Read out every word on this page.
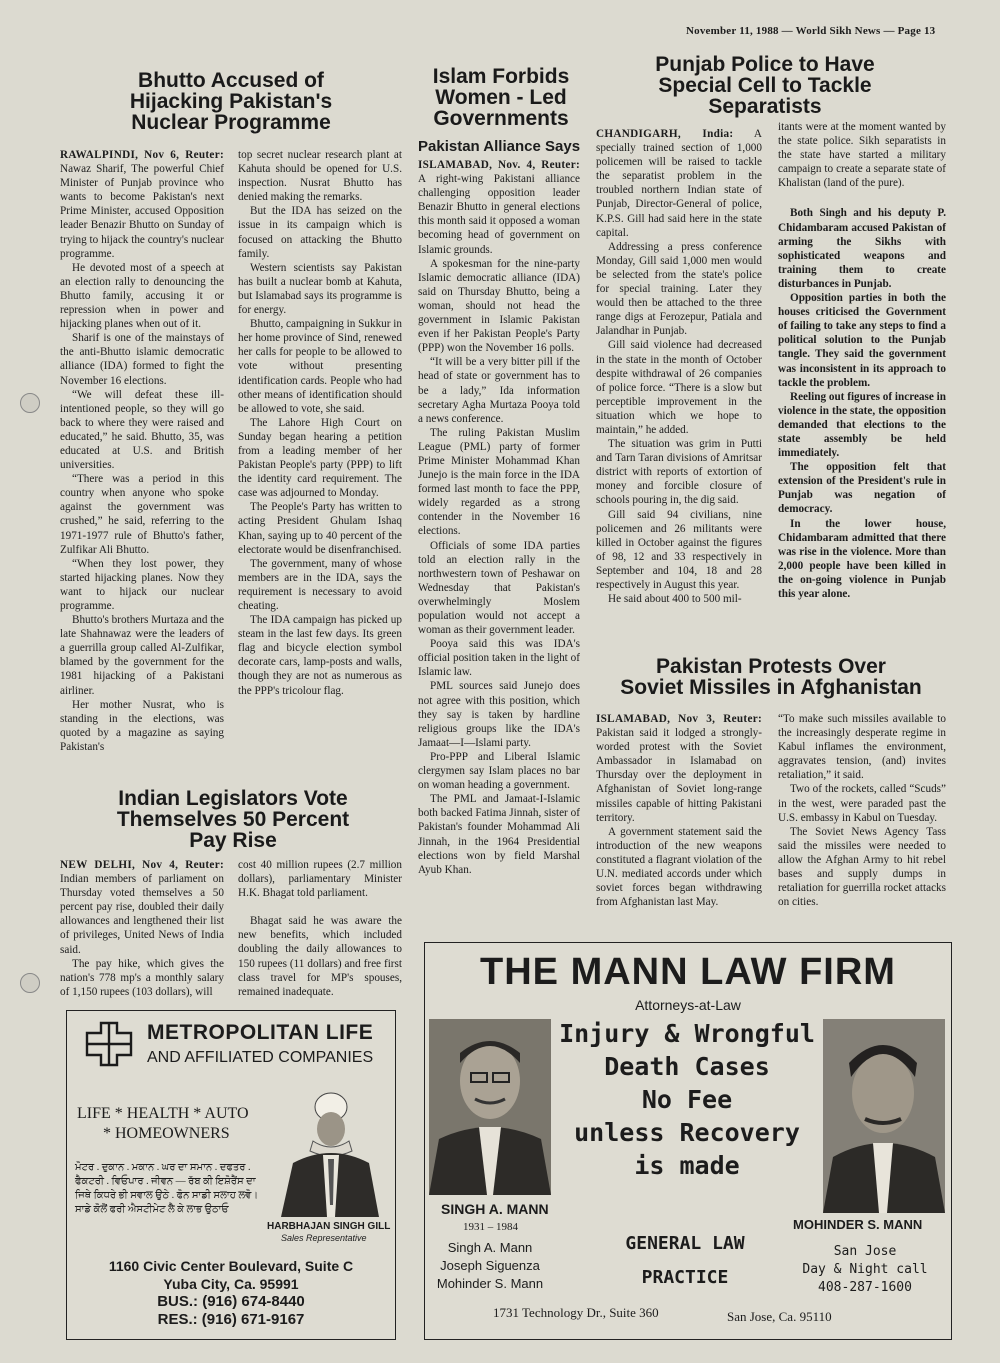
November 11, 1988 — World Sikh News — Page 13
Bhutto Accused of
Hijacking Pakistan's
Nuclear Programme

RAWALPINDI, Nov 6, Reuter: Nawaz Sharif, The powerful Chief Minister of Punjab province who wants to become Pakistan's next Prime Minister, accused Opposition leader Benazir Bhutto on Sunday of trying to hijack the country's nuclear programme.

He devoted most of a speech at an election rally to denouncing the Bhutto family, accusing it or repression when in power and hijacking planes when out of it.

Sharif is one of the mainstays of the anti-Bhutto islamic democratic alliance (IDA) formed to fight the November 16 elections.

“We will defeat these ill-intentioned people, so they will go back to where they were raised and educated,” he said. Bhutto, 35, was educated at U.S. and British universities.

“There was a period in this country when anyone who spoke against the government was crushed,” he said, referring to the 1971-1977 rule of Bhutto's father, Zulfikar Ali Bhutto.

“When they lost power, they started hijacking planes. Now they want to hijack our nuclear programme.

Bhutto's brothers Murtaza and the late Shahnawaz were the leaders of a guerrilla group called Al-Zulfikar, blamed by the government for the 1981 hijacking of a Pakistani airliner.

Her mother Nusrat, who is standing in the elections, was quoted by a magazine as saying Pakistan's

top secret nuclear research plant at Kahuta should be opened for U.S. inspection. Nusrat Bhutto has denied making the remarks.

But the IDA has seized on the issue in its campaign which is focused on attacking the Bhutto family.

Western scientists say Pakistan has built a nuclear bomb at Kahuta, but Islamabad says its programme is for energy.

Bhutto, campaigning in Sukkur in her home province of Sind, renewed her calls for people to be allowed to vote without presenting identification cards. People who had other means of identification should be allowed to vote, she said.

The Lahore High Court on Sunday began hearing a petition from a leading member of her Pakistan People's party (PPP) to lift the identity card requirement. The case was adjourned to Monday.

The People's Party has written to acting President Ghulam Ishaq Khan, saying up to 40 percent of the electorate would be disenfranchised.

The government, many of whose members are in the IDA, says the requirement is necessary to avoid cheating.

The IDA campaign has picked up steam in the last few days. Its green flag and bicycle election symbol decorate cars, lamp-posts and walls, though they are not as numerous as the PPP's tricolour flag.

Islam Forbids
Women - Led
Governments
Pakistan Alliance Says

ISLAMABAD, Nov. 4, Reuter: A right-wing Pakistani alliance challenging opposition leader Benazir Bhutto in general elections this month said it opposed a woman becoming head of government on Islamic grounds.

A spokesman for the nine-party Islamic democratic alliance (IDA) said on Thursday Bhutto, being a woman, should not head the government in Islamic Pakistan even if her Pakistan People's Party (PPP) won the November 16 polls.

“It will be a very bitter pill if the head of state or government has to be a lady,” Ida information secretary Agha Murtaza Pooya told a news conference.

The ruling Pakistan Muslim League (PML) party of former Prime Minister Mohammad Khan Junejo is the main force in the IDA formed last month to face the PPP, widely regarded as a strong contender in the November 16 elections.

Officials of some IDA parties told an election rally in the northwestern town of Peshawar on Wednesday that Pakistan's overwhelmingly Moslem population would not accept a woman as their government leader.

Pooya said this was IDA's official position taken in the light of Islamic law.

PML sources said Junejo does not agree with this position, which they say is taken by hardline religious groups like the IDA's Jamaat—I—Islami party.

Pro-PPP and Liberal Islamic clergymen say Islam places no bar on woman heading a government.

The PML and Jamaat-I-Islamic both backed Fatima Jinnah, sister of Pakistan's founder Mohammad Ali Jinnah, in the 1964 Presidential elections won by field Marshal Ayub Khan.

Punjab Police to Have
Special Cell to Tackle
Separatists

CHANDIGARH, India: A specially trained section of 1,000 policemen will be raised to tackle the separatist problem in the troubled northern Indian state of Punjab, Director-General of police, K.P.S. Gill had said here in the state capital.

Addressing a press conference Monday, Gill said 1,000 men would be selected from the state's police for special training. Later they would then be attached to the three range digs at Ferozepur, Patiala and Jalandhar in Punjab.

Gill said violence had decreased in the state in the month of October despite withdrawal of 26 companies of police force. “There is a slow but perceptible improvement in the situation which we hope to maintain,” he added.

The situation was grim in Putti and Tarn Taran divisions of Amritsar district with reports of extortion of money and forcible closure of schools pouring in, the dig said.

Gill said 94 civilians, nine policemen and 26 militants were killed in October against the figures of 98, 12 and 33 respectively in September and 104, 18 and 28 respectively in August this year.

He said about 400 to 500 mil-

itants were at the moment wanted by the state police. Sikh separatists in the state have started a military campaign to create a separate state of Khalistan (land of the pure).

Both Singh and his deputy P. Chidambaram accused Pakistan of arming the Sikhs with sophisticated weapons and training them to create disturbances in Punjab.

Opposition parties in both the houses criticised the Government of failing to take any steps to find a political solution to the Punjab tangle. They said the government was inconsistent in its approach to tackle the problem.

Reeling out figures of increase in violence in the state, the opposition demanded that elections to the state assembly be held immediately.

The opposition felt that extension of the President's rule in Punjab was negation of democracy.

In the lower house, Chidambaram admitted that there was rise in the violence. More than 2,000 people have been killed in the on-going violence in Punjab this year alone.

Indian Legislators Vote
Themselves 50 Percent
Pay Rise

NEW DELHI, Nov 4, Reuter: Indian members of parliament on Thursday voted themselves a 50 percent pay rise, doubled their daily allowances and lengthened their list of privileges, United News of India said.

The pay hike, which gives the nation's 778 mp's a monthly salary of 1,150 rupees (103 dollars), will

cost 40 million rupees (2.7 million dollars), parliamentary Minister H.K. Bhagat told parliament.

Bhagat said he was aware the new benefits, which included doubling the daily allowances to 150 rupees (11 dollars) and free first class travel for MP's spouses, remained inadequate.

Pakistan Protests Over
Soviet Missiles in Afghanistan

ISLAMABAD, Nov 3, Reuter: Pakistan said it lodged a strongly-worded protest with the Soviet Ambassador in Islamabad on Thursday over the deployment in Afghanistan of Soviet long-range missiles capable of hitting Pakistani territory.

A government statement said the introduction of the new weapons constituted a flagrant violation of the U.N. mediated accords under which soviet forces began withdrawing from Afghanistan last May.

“To make such missiles available to the increasingly desperate regime in Kabul inflames the environment, aggravates tension, (and) invites retaliation,” it said.

Two of the rockets, called “Scuds” in the west, were paraded past the U.S. embassy in Kabul on Tuesday.

The Soviet News Agency Tass said the missiles were needed to allow the Afghan Army to hit rebel bases and supply dumps in retaliation for guerrilla rocket attacks on cities.

METROPOLITAN LIFE
AND AFFILIATED COMPANIES
LIFE * HEALTH * AUTO
* HOMEOWNERS
ਮੋਟਰ . ਦੁਕਾਨ . ਮਕਾਨ . ਘਰ ਦਾ ਸਮਾਨ . ਦਫਤਰ .
ਫੈਕਟਰੀ . ਵਿਓਪਾਰ . ਜੀਵਨ — ਰੱਬ ਕੀ ਇਸ਼ੋਰੈਂਸ ਦਾ
ਜਿਥੇ ਕਿਧਰੇ ਭੀ ਸਵਾਲ ਉਠੇ . ਫੋਨ ਸਾਡੀ ਸਲਾਹ ਲਵੋ।
ਸਾਡੇ ਕੋਲੋਂ ਫਰੀ ਐਸਟੀਮੇਟ ਲੈ ਕੇ ਲਾਭ ਉਠਾਓ
HARBHAJAN SINGH GILL
Sales Representative
1160 Civic Center Boulevard, Suite C
Yuba City, Ca. 95991
BUS.: (916) 674-8440
RES.: (916) 671-9167
THE MANN LAW FIRM
Attorneys-at-Law
Injury & Wrongful
Death Cases
No Fee
unless Recovery
is made
SINGH A. MANN
1931 – 1984
Singh A. Mann
Joseph Siguenza
Mohinder S. Mann
GENERAL LAW
PRACTICE
MOHINDER S. MANN
San Jose
Day & Night call
408-287-1600
1731 Technology Dr., Suite 360	San Jose, Ca. 95110
